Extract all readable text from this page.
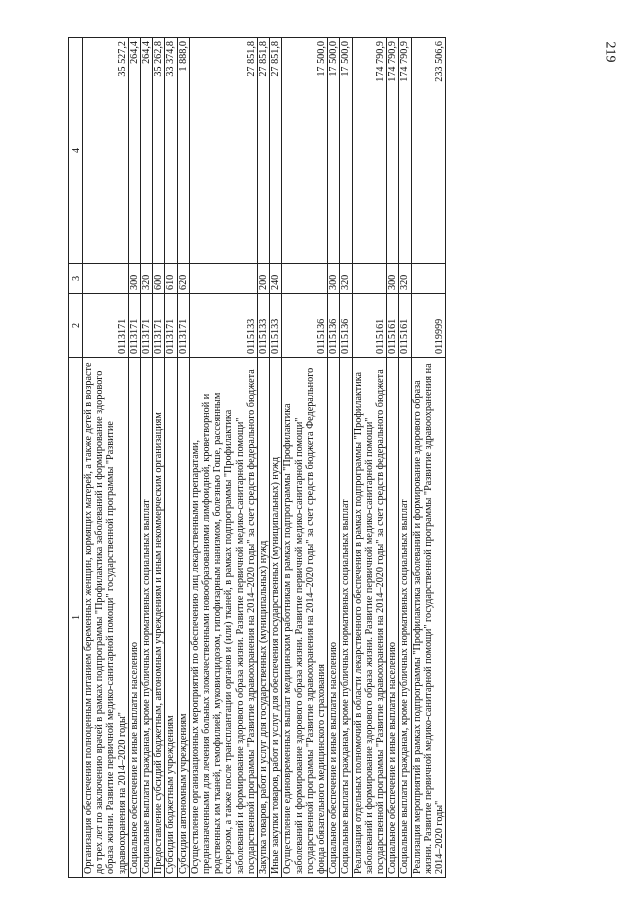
219
1	2	3	4
Организация обеспечения полноценным питанием беременных женщин, кормящих матерей, а также детей в возрасте до трех лет по заключению врачей в рамках подпрограммы "Профилактика заболеваний и формирование здорового образа жизни. Развитие первичной медико-санитарной помощи" государственной программы "Развитие здравоохранения на 2014–2020 годы"	0113171		35 527,2
Социальное обеспечение и иные выплаты населению	0113171	300	264,4
Социальные выплаты гражданам, кроме публичных нормативных социальных выплат	0113171	320	264,4
Предоставление субсидий бюджетным, автономным учреждениям и иным некоммерческим организациям	0113171	600	35 262,8
Субсидии бюджетным учреждениям	0113171	610	33 374,8
Субсидии автономным учреждениям	0113171	620	1 888,0
Осуществление организационных мероприятий по обеспечению лиц лекарственными препаратами, предназначенными для лечения больных злокачественными новообразованиями лимфоидной, кроветворной и родственных им тканей, гемофилией, муковисцидозом, гипофизарным нанизмом, болезнью Гоше, рассеянным склерозом, а также после трансплантации органов и (или) тканей, в рамках подпрограммы "Профилактика заболеваний и формирование здорового образа жизни. Развитие первичной медико-санитарной помощи" государственной программы "Развитие здравоохранения на 2014–2020 годы" за счет средств федерального бюджета	0115133		27 851,8
Закупка товаров, работ и услуг для государственных (муниципальных) нужд	0115133	200	27 851,8
Иные закупки товаров, работ и услуг для обеспечения государственных (муниципальных) нужд	0115133	240	27 851,8
Осуществление единовременных выплат медицинским работникам в рамках подпрограммы "Профилактика заболеваний и формирование здорового образа жизни. Развитие первичной медико-санитарной помощи" государственной программы "Развитие здравоохранения на 2014–2020 годы" за счет средств бюджета Федерального фонда обязательного медицинского страхования	0115136		17 500,0
Социальное обеспечение и иные выплаты населению	0115136	300	17 500,0
Социальные выплаты гражданам, кроме публичных нормативных социальных выплат	0115136	320	17 500,0
Реализация отдельных полномочий в области лекарственного обеспечения в рамках подпрограммы "Профилактика заболеваний и формирование здорового образа жизни. Развитие первичной медико-санитарной помощи" государственной программы "Развитие здравоохранения на 2014–2020 годы" за счет средств федерального бюджета	0115161		174 790,9
Социальное обеспечение и иные выплаты населению	0115161	300	174 790,9
Социальные выплаты гражданам, кроме публичных нормативных социальных выплат	0115161	320	174 790,9
Реализация мероприятий в рамках подпрограммы "Профилактика заболеваний и формирование здорового образа жизни. Развитие первичной медико-санитарной помощи" государственной программы "Развитие здравоохранения на 2014–2020 годы"	0119999		233 506,6
